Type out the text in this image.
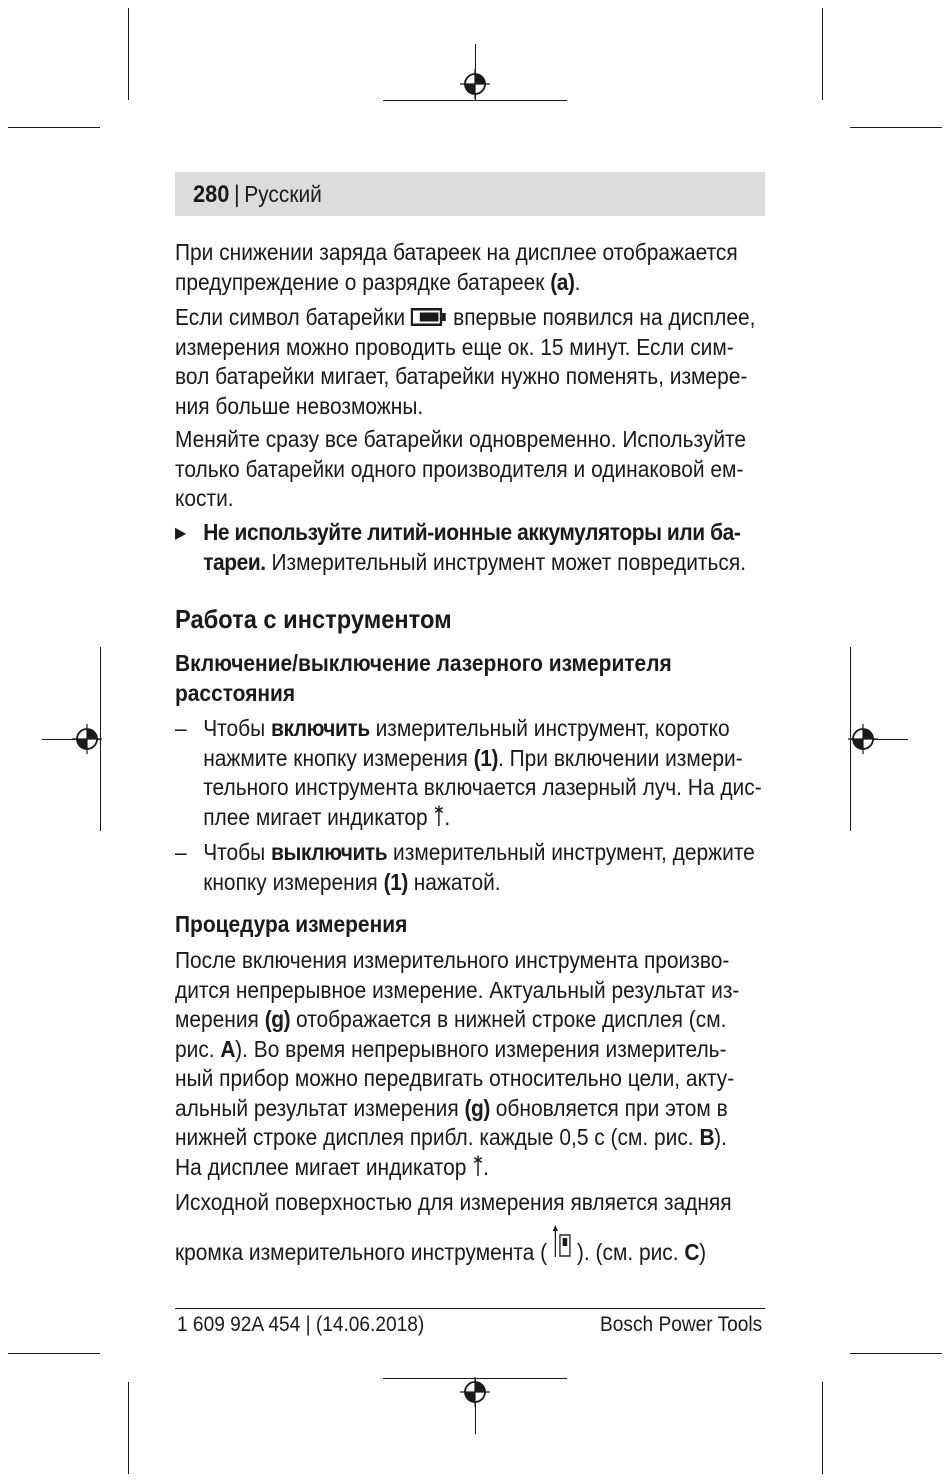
280 | Русский
При снижении заряда батареек на дисплее отображается
предупреждение о разрядке батареек (a).
Если символ батарейки
впервые появился на дисплее,
измерения можно проводить еще ок. 15 минут. Если сим-
вол батарейки мигает, батарейки нужно поменять, измере-
ния больше невозможны.
Меняйте сразу все батарейки одновременно. Используйте
только батарейки одного производителя и одинаковой ем-
кости.
▶ Не используйте литий-ионные аккумуляторы или ба-
тареи. Измерительный инструмент может повредиться.
Работа с инструментом
Включение/выключение лазерного измерителя
расстояния
– Чтобы включить измерительный инструмент, коротко
нажмите кнопку измерения (1). При включении измери-
тельного инструмента включается лазерный луч. На дис-
плее мигает индикатор
.
– Чтобы выключить измерительный инструмент, держите
кнопку измерения (1) нажатой.
Процедура измерения
После включения измерительного инструмента произво-
дится непрерывное измерение. Актуальный результат из-
мерения (g) отображается в нижней строке дисплея (см.
рис. A). Во время непрерывного измерения измеритель-
ный прибор можно передвигать относительно цели, акту-
альный результат измерения (g) обновляется при этом в
нижней строке дисплея прибл. каждые 0,5 с (см. рис. B).
На дисплее мигает индикатор
.
Исходной поверхностью для измерения является задняя
кромка измерительного инструмента (
). (см. рис. C)
1 609 92A 454 | (14.06.2018)	Bosch Power Tools
